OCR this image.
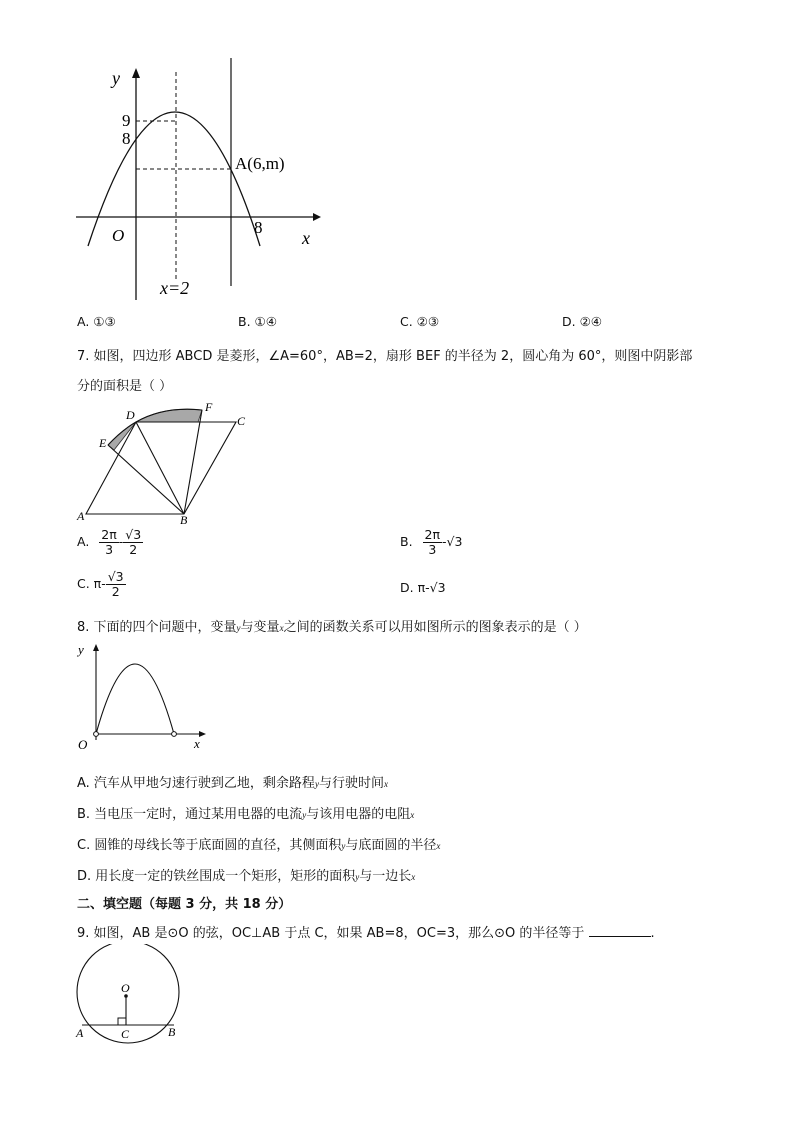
y
9
8
A(6,m)
O	8
x
x=2
A. ①③	B. ①④	C. ②③	D. ②④
7. 如图，四边形 ABCD 是菱形，∠A=60°，AB=2，扇形 BEF 的半径为 2，圆心角为 60°，则图中阴影部
分的面积是（ ）
D
F
C
E
A	B
A. $\frac{2\pi}{3} - \frac{√3}{2}$	B. $\frac{2\pi}{3} -√3$
C. $\pi- \frac{√3}{2}$	D. π-√3
8. 下面的四个问题中，变量y与变量x之间的函数关系可以用如图所示的图象表示的是（ ）
y
x
O
A. 汽车从甲地匀速行驶到乙地，剩余路程y与行驶时间x
B. 当电压一定时，通过某用电器的电流y与该用电器的电阻x
C. 圆锥的母线长等于底面圆的直径，其侧面积y与底面圆的半径x
D. 用长度一定的铁丝围成一个矩形，矩形的面积y与一边长x
二、填空题（每题 3 分，共 18 分）
9. 如图，AB 是⊙O 的弦，OC⊥AB 于点 C，如果 AB=8，OC=3，那么⊙O 的半径等于	.
O
A	C	B
